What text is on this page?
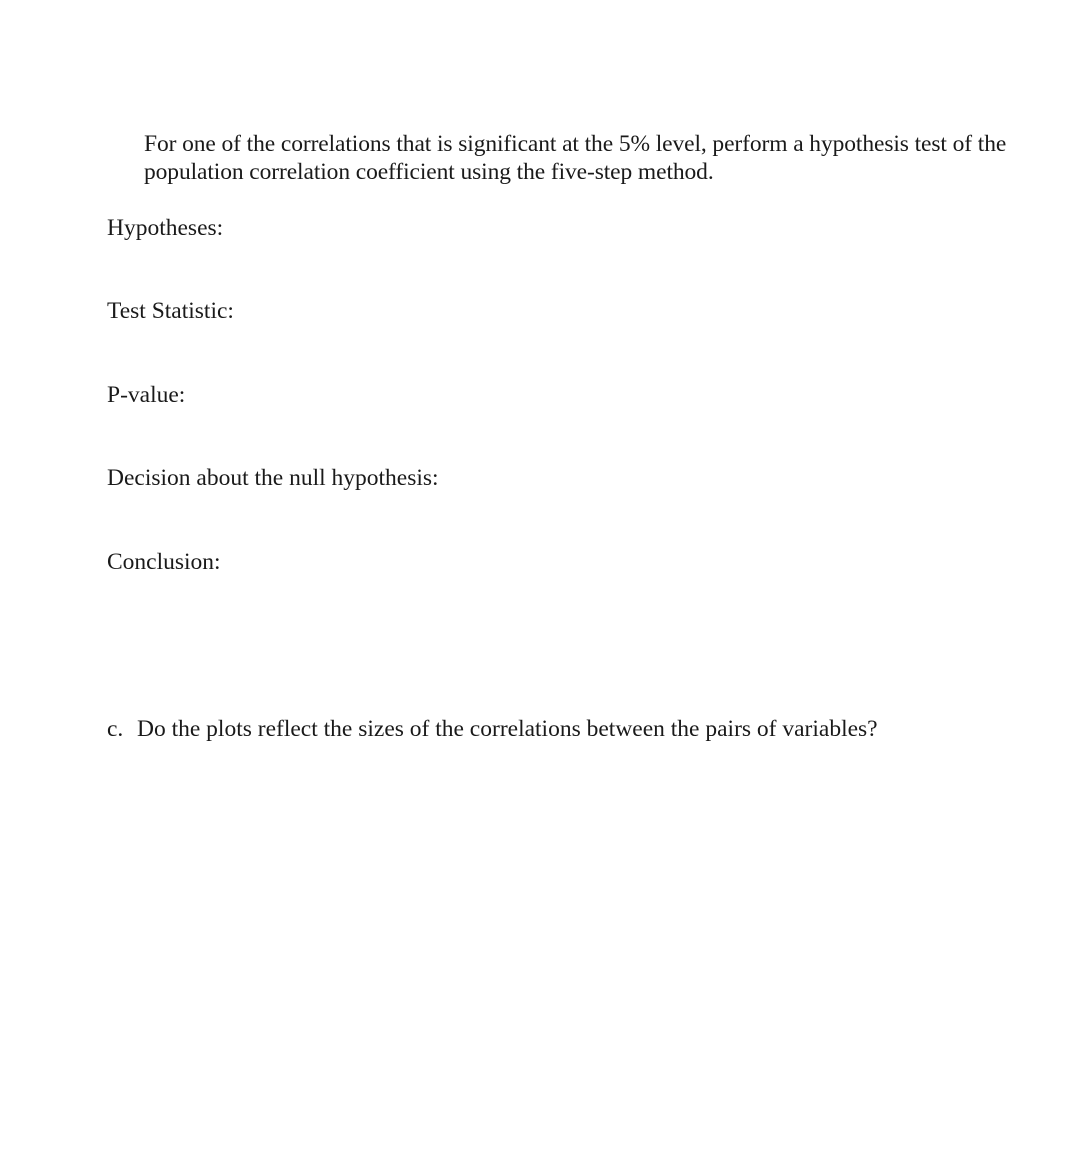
For one of the correlations that is significant at the 5% level, perform a hypothesis test of the
population correlation coefficient using the five-step method.

Hypotheses:

Test Statistic:

P-value:

Decision about the null hypothesis:

Conclusion:

c. Do the plots reflect the sizes of the correlations between the pairs of variables?
